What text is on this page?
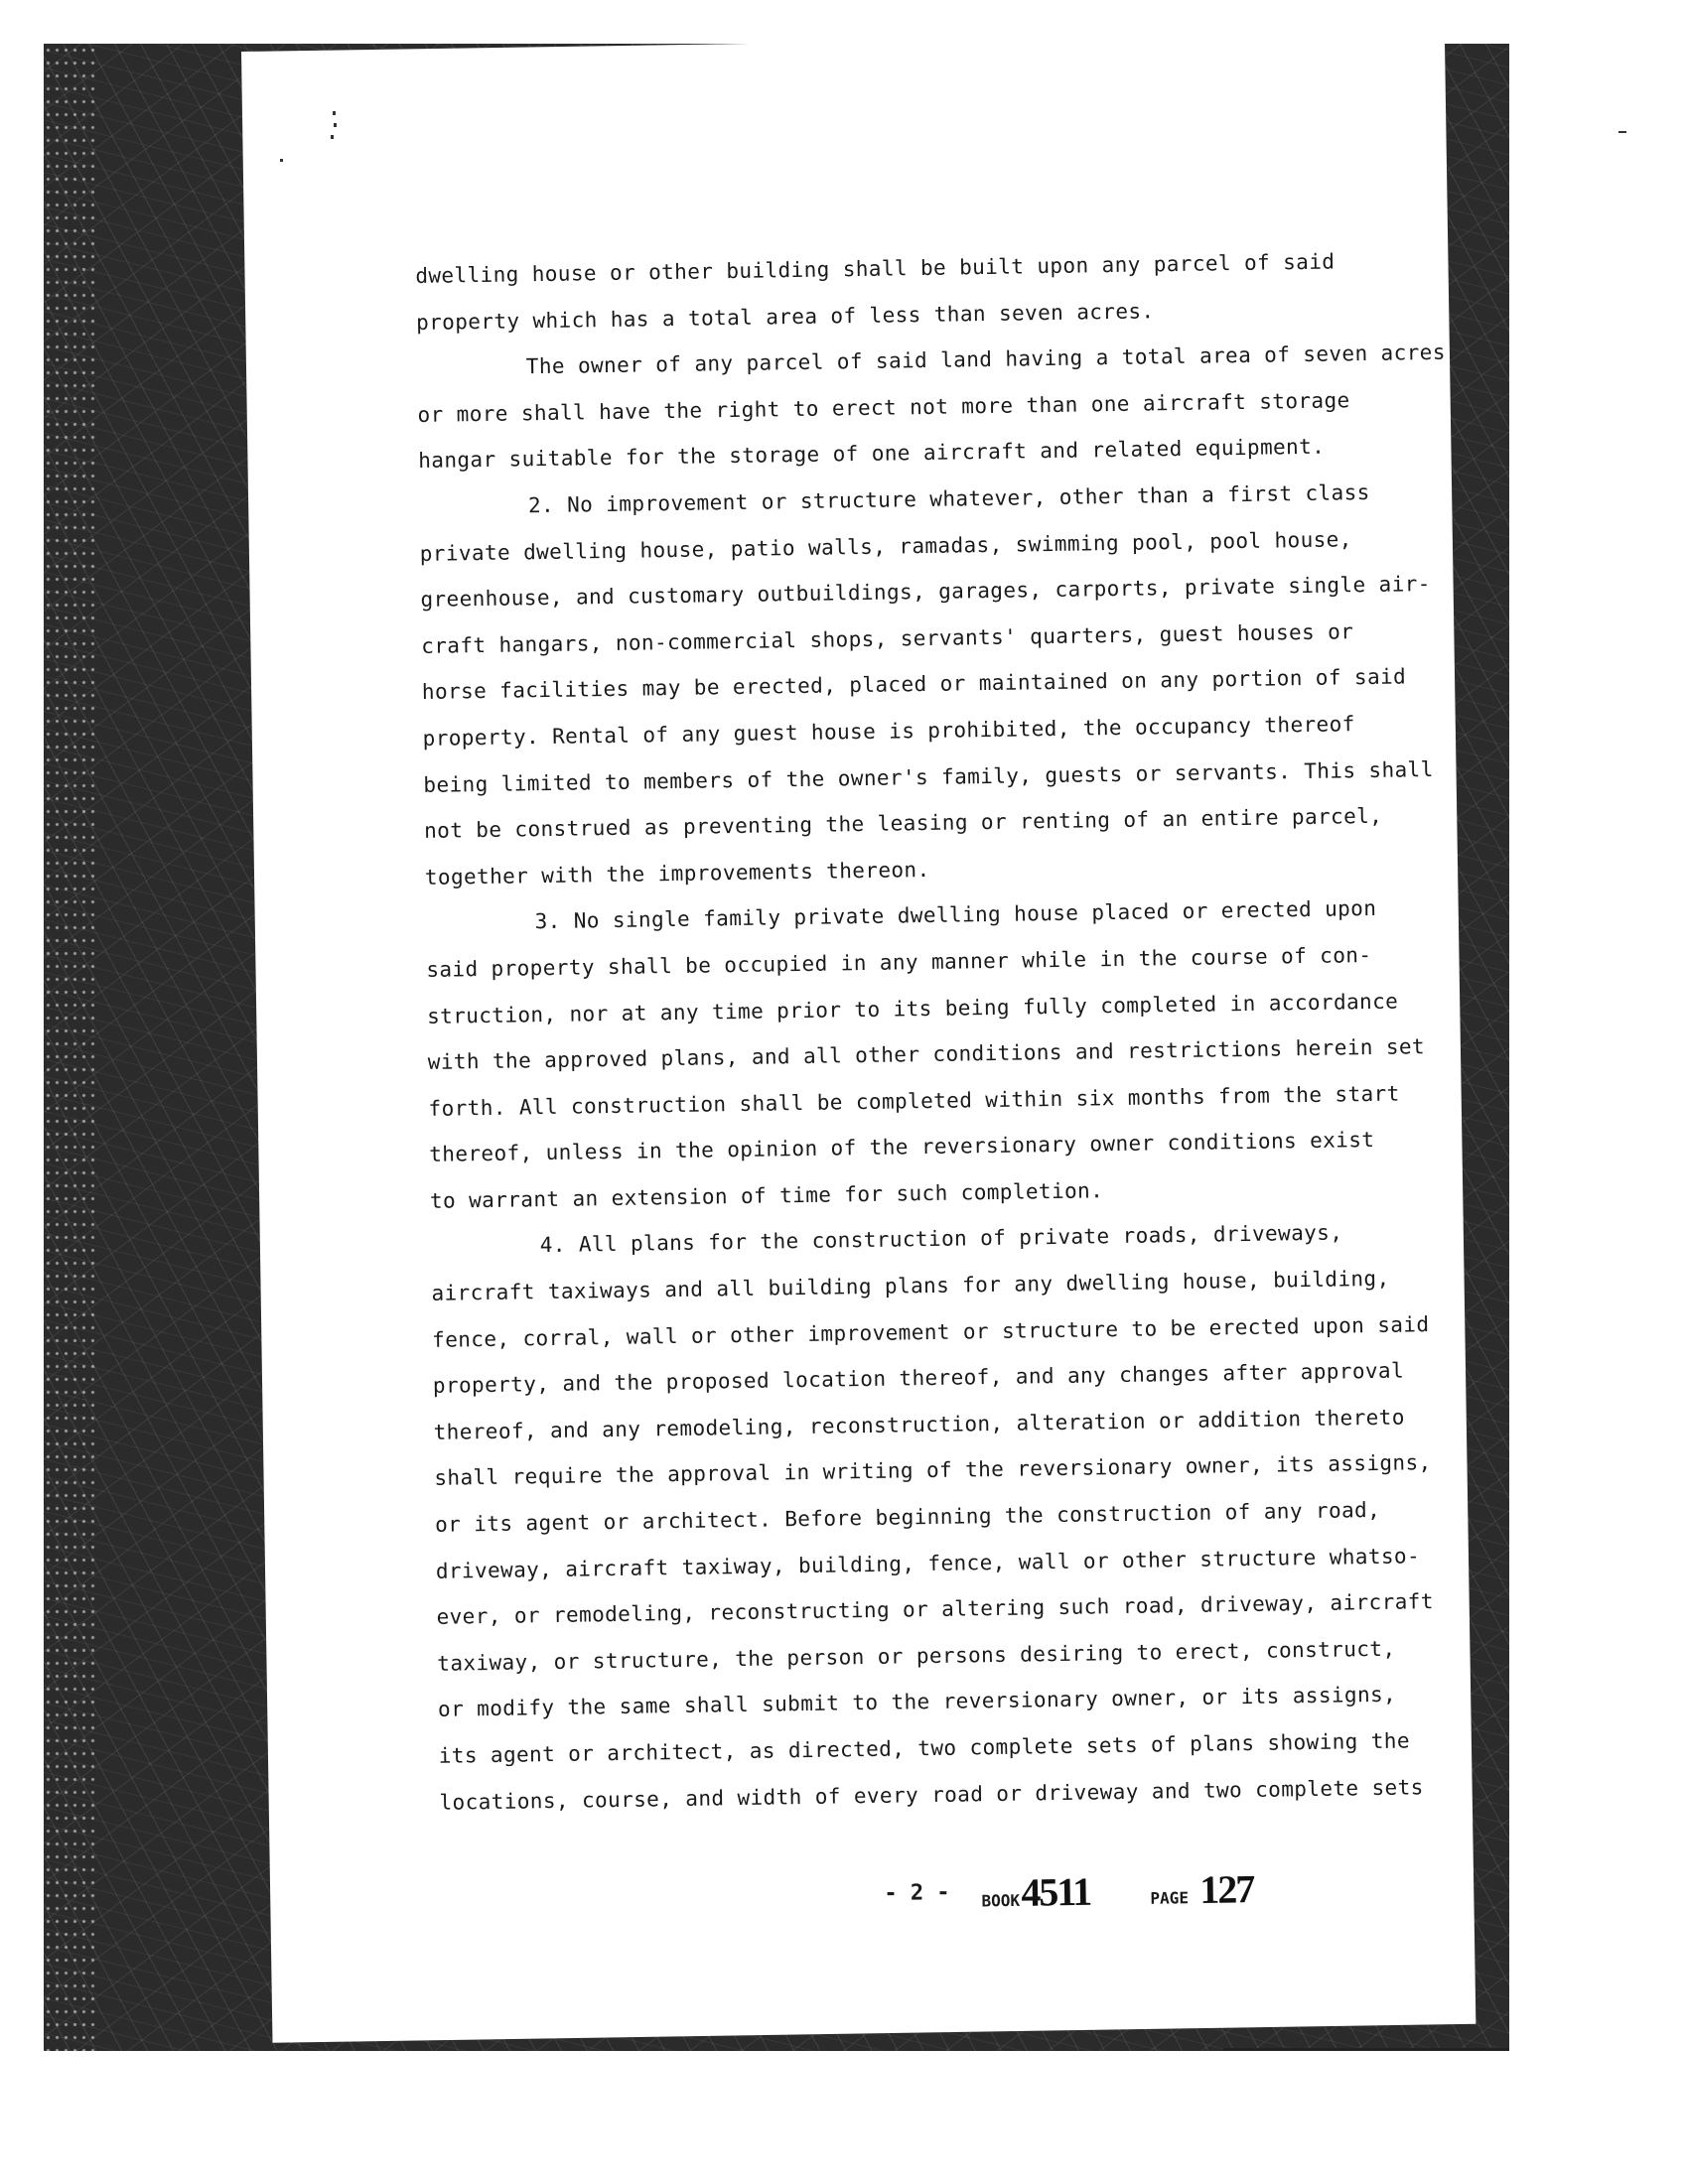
dwelling house or other building shall be built upon any parcel of said
property which has a total area of less than seven acres.
The owner of any parcel of said land having a total area of seven acres
or more shall have the right to erect not more than one aircraft storage
hangar suitable for the storage of one aircraft and related equipment.
2. No improvement or structure whatever, other than a first class
private dwelling house, patio walls, ramadas, swimming pool, pool house,
greenhouse, and customary outbuildings, garages, carports, private single air-
craft hangars, non-commercial shops, servants' quarters, guest houses or
horse facilities may be erected, placed or maintained on any portion of said
property. Rental of any guest house is prohibited, the occupancy thereof
being limited to members of the owner's family, guests or servants. This shall
not be construed as preventing the leasing or renting of an entire parcel,
together with the improvements thereon.
3. No single family private dwelling house placed or erected upon
said property shall be occupied in any manner while in the course of con-
struction, nor at any time prior to its being fully completed in accordance
with the approved plans, and all other conditions and restrictions herein set
forth. All construction shall be completed within six months from the start
thereof, unless in the opinion of the reversionary owner conditions exist
to warrant an extension of time for such completion.
4. All plans for the construction of private roads, driveways,
aircraft taxiways and all building plans for any dwelling house, building,
fence, corral, wall or other improvement or structure to be erected upon said
property, and the proposed location thereof, and any changes after approval
thereof, and any remodeling, reconstruction, alteration or addition thereto
shall require the approval in writing of the reversionary owner, its assigns,
or its agent or architect. Before beginning the construction of any road,
driveway, aircraft taxiway, building, fence, wall or other structure whatso-
ever, or remodeling, reconstructing or altering such road, driveway, aircraft
taxiway, or structure, the person or persons desiring to erect, construct,
or modify the same shall submit to the reversionary owner, or its assigns,
its agent or architect, as directed, two complete sets of plans showing the
locations, course, and width of every road or driveway and two complete sets
- 2 - BOOK 4511	PAGE 127
